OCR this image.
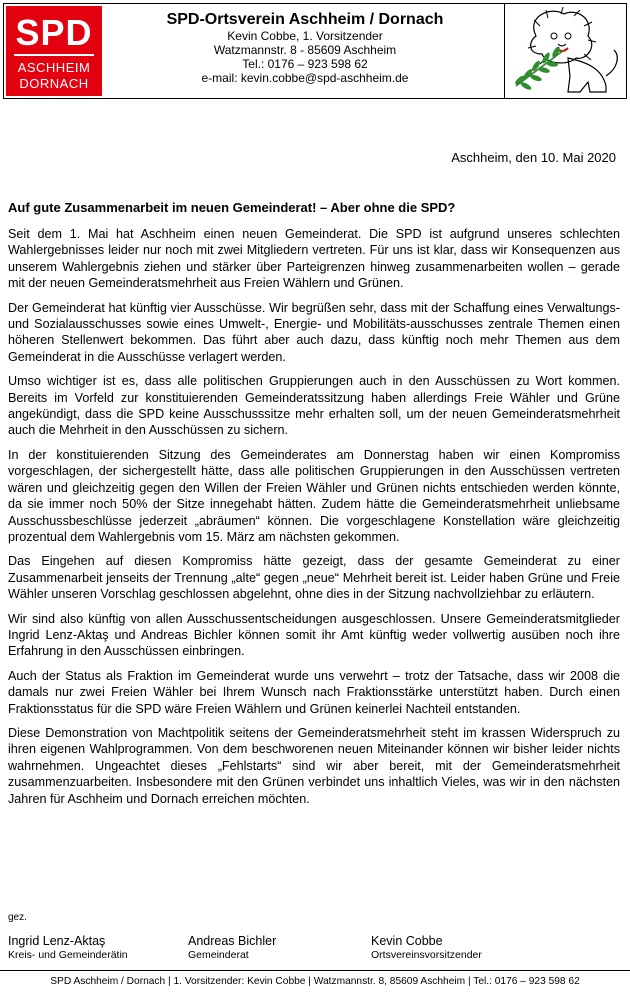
SPD
ASCHHEIM
DORNACH
SPD-Ortsverein Aschheim / Dornach
Kevin Cobbe, 1. Vorsitzender
Watzmannstr. 8 - 85609 Aschheim
Tel.: 0176 – 923 598 62
e-mail: kevin.cobbe@spd-aschheim.de
Aschheim, den 10. Mai 2020
Auf gute Zusammenarbeit im neuen Gemeinderat! – Aber ohne die SPD?

Seit dem 1. Mai hat Aschheim einen neuen Gemeinderat. Die SPD ist aufgrund unseres schlechten Wahlergebnisses leider nur noch mit zwei Mitgliedern vertreten. Für uns ist klar, dass wir Konsequenzen aus unserem Wahlergebnis ziehen und stärker über Parteigrenzen hinweg zusammenarbeiten wollen – gerade mit der neuen Gemeinderatsmehrheit aus Freien Wählern und Grünen.

Der Gemeinderat hat künftig vier Ausschüsse. Wir begrüßen sehr, dass mit der Schaffung eines Verwaltungs- und Sozialausschusses sowie eines Umwelt-, Energie- und Mobilitäts-ausschusses zentrale Themen einen höheren Stellenwert bekommen. Das führt aber auch dazu, dass künftig noch mehr Themen aus dem Gemeinderat in die Ausschüsse verlagert werden.

Umso wichtiger ist es, dass alle politischen Gruppierungen auch in den Ausschüssen zu Wort kommen. Bereits im Vorfeld zur konstituierenden Gemeinderatssitzung haben allerdings Freie Wähler und Grüne angekündigt, dass die SPD keine Ausschusssitze mehr erhalten soll, um der neuen Gemeinderatsmehrheit auch die Mehrheit in den Ausschüssen zu sichern.

In der konstituierenden Sitzung des Gemeinderates am Donnerstag haben wir einen Kompromiss vorgeschlagen, der sichergestellt hätte, dass alle politischen Gruppierungen in den Ausschüssen vertreten wären und gleichzeitig gegen den Willen der Freien Wähler und Grünen nichts entschieden werden könnte, da sie immer noch 50% der Sitze innegehabt hätten. Zudem hätte die Gemeinderatsmehrheit unliebsame Ausschussbeschlüsse jederzeit „abräumen“ können. Die vorgeschlagene Konstellation wäre gleichzeitig prozentual dem Wahlergebnis vom 15. März am nächsten gekommen.

Das Eingehen auf diesen Kompromiss hätte gezeigt, dass der gesamte Gemeinderat zu einer Zusammenarbeit jenseits der Trennung „alte“ gegen „neue“ Mehrheit bereit ist. Leider haben Grüne und Freie Wähler unseren Vorschlag geschlossen abgelehnt, ohne dies in der Sitzung nachvollziehbar zu erläutern.

Wir sind also künftig von allen Ausschussentscheidungen ausgeschlossen. Unsere Gemeinderatsmitglieder Ingrid Lenz-Aktaş und Andreas Bichler können somit ihr Amt künftig weder vollwertig ausüben noch ihre Erfahrung in den Ausschüssen einbringen.

Auch der Status als Fraktion im Gemeinderat wurde uns verwehrt – trotz der Tatsache, dass wir 2008 die damals nur zwei Freien Wähler bei Ihrem Wunsch nach Fraktionsstärke unterstützt haben. Durch einen Fraktionsstatus für die SPD wäre Freien Wählern und Grünen keinerlei Nachteil entstanden.

Diese Demonstration von Machtpolitik seitens der Gemeinderatsmehrheit steht im krassen Widerspruch zu ihren eigenen Wahlprogrammen. Von dem beschworenen neuen Miteinander können wir bisher leider nichts wahrnehmen. Ungeachtet dieses „Fehlstarts“ sind wir aber bereit, mit der Gemeinderatsmehrheit zusammenzuarbeiten. Insbesondere mit den Grünen verbindet uns inhaltlich Vieles, was wir in den nächsten Jahren für Aschheim und Dornach erreichen möchten.

gez.
Ingrid Lenz-Aktaş
Kreis- und Gemeinderätin
Andreas Bichler
Gemeinderat
Kevin Cobbe
Ortsvereinsvorsitzender
SPD Aschheim / Dornach | 1. Vorsitzender: Kevin Cobbe | Watzmannstr. 8, 85609 Aschheim | Tel.: 0176 – 923 598 62
